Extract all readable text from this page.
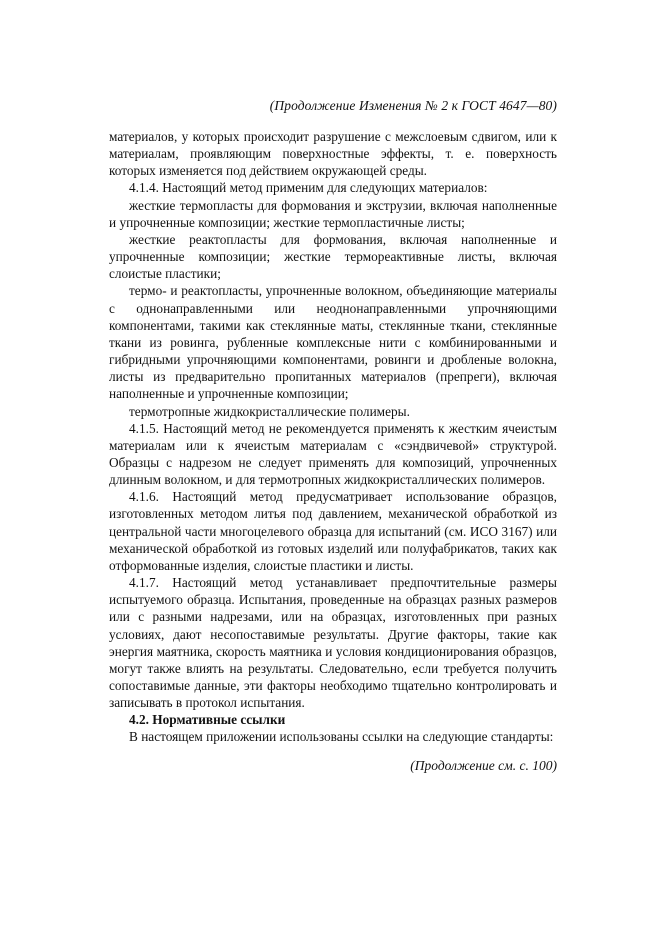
(Продолжение Изменения № 2 к ГОСТ 4647—80)

материалов, у которых происходит разрушение с межслоевым сдвигом, или к материалам, проявляющим поверхностные эффекты, т. е. поверхность которых изменяется под действием окружающей среды.

4.1.4. Настоящий метод применим для следующих материалов:

жесткие термопласты для формования и экструзии, включая наполненные и упрочненные композиции; жесткие термопластичные листы;

жесткие реактопласты для формования, включая наполненные и упрочненные композиции; жесткие термореактивные листы, включая слоистые пластики;

термо- и реактопласты, упрочненные волокном, объединяющие материалы с однонаправленными или неоднонаправленными упрочняющими компонентами, такими как стеклянные маты, стеклянные ткани, стеклянные ткани из ровинга, рубленные комплексные нити с комбинированными и гибридными упрочняющими компонентами, ровинги и дробленые волокна, листы из предварительно пропитанных материалов (препреги), включая наполненные и упрочненные композиции;

термотропные жидкокристаллические полимеры.

4.1.5. Настоящий метод не рекомендуется применять к жестким ячеистым материалам или к ячеистым материалам с «сэндвичевой» структурой. Образцы с надрезом не следует применять для композиций, упрочненных длинным волокном, и для термотропных жидкокристаллических полимеров.

4.1.6. Настоящий метод предусматривает использование образцов, изготовленных методом литья под давлением, механической обработкой из центральной части многоцелевого образца для испытаний (см. ИСО 3167) или механической обработкой из готовых изделий или полуфабрикатов, таких как отформованные изделия, слоистые пластики и листы.

4.1.7. Настоящий метод устанавливает предпочтительные размеры испытуемого образца. Испытания, проведенные на образцах разных размеров или с разными надрезами, или на образцах, изготовленных при разных условиях, дают несопоставимые результаты. Другие факторы, такие как энергия маятника, скорость маятника и условия кондиционирования образцов, могут также влиять на результаты. Следовательно, если требуется получить сопоставимые данные, эти факторы необходимо тщательно контролировать и записывать в протокол испытания.

4.2. Нормативные ссылки

В настоящем приложении использованы ссылки на следующие стандарты:

(Продолжение см. с. 100)
